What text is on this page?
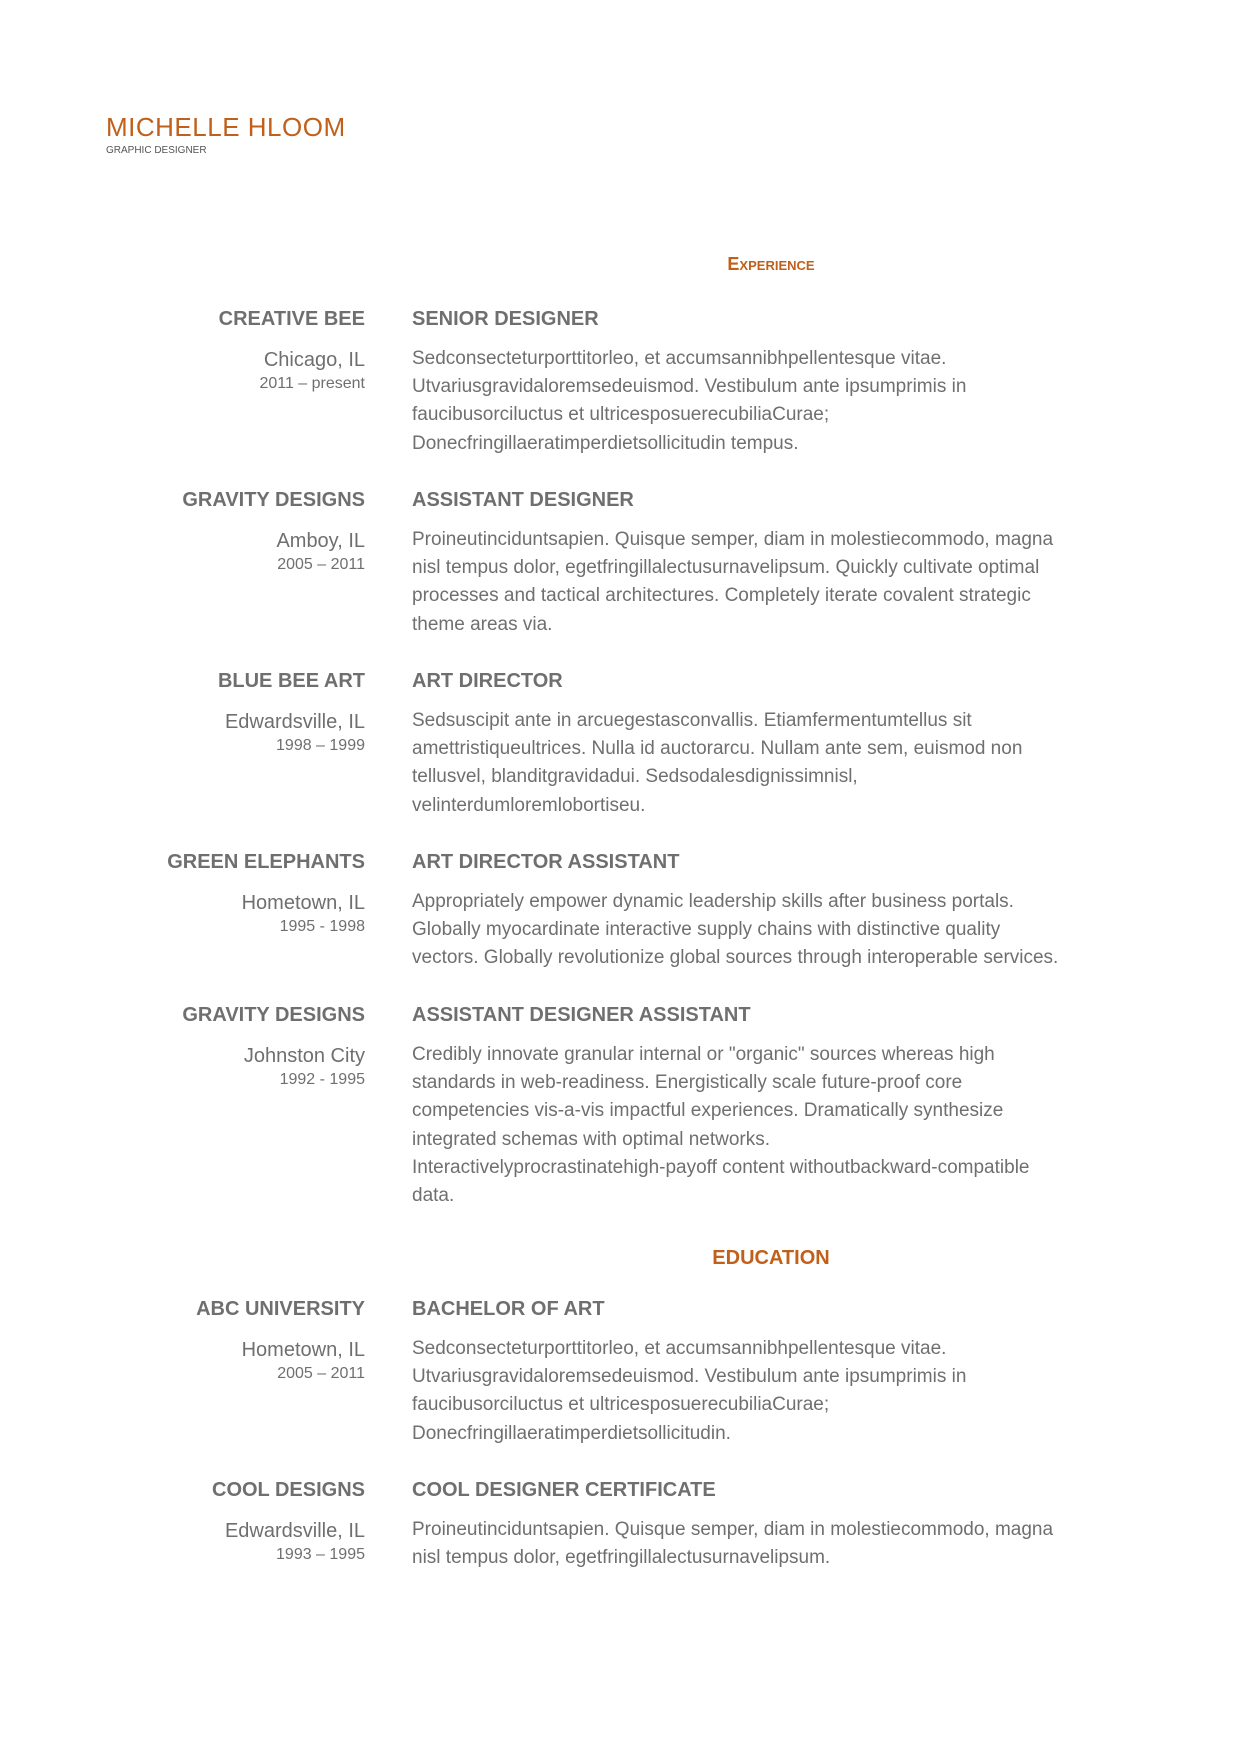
MICHELLE HLOOM
GRAPHIC DESIGNER
Experience
CREATIVE BEE
Chicago, IL
2011 – present
SENIOR DESIGNER
Sedconsecteturporttitorleo, et accumsannibhpellentesque vitae.
Utvariusgravidaloremsedeuismod. Vestibulum ante ipsumprimis in
faucibusorciluctus et ultricesposuerecubiliaCurae;
Donecfringillaeratimperdietsollicitudin tempus.
GRAVITY DESIGNS
Amboy, IL
2005 – 2011
ASSISTANT DESIGNER
Proineutinciduntsapien. Quisque semper, diam in molestiecommodo, magna
nisl tempus dolor, egetfringillalectusurnavelipsum. Quickly cultivate optimal
processes and tactical architectures. Completely iterate covalent strategic
theme areas via.
BLUE BEE ART
Edwardsville, IL
1998 – 1999
ART DIRECTOR
Sedsuscipit ante in arcuegestasconvallis. Etiamfermentumtellus sit
amettristiqueultrices. Nulla id auctorarcu. Nullam ante sem, euismod non
tellusvel, blanditgravidadui. Sedsodalesdignissimnisl,
velinterdumloremlobortiseu.
GREEN ELEPHANTS
Hometown, IL
1995 - 1998
ART DIRECTOR ASSISTANT
Appropriately empower dynamic leadership skills after business portals.
Globally myocardinate interactive supply chains with distinctive quality
vectors. Globally revolutionize global sources through interoperable services.
GRAVITY DESIGNS
Johnston City
1992 - 1995
ASSISTANT DESIGNER ASSISTANT
Credibly innovate granular internal or "organic" sources whereas high
standards in web-readiness. Energistically scale future-proof core
competencies vis-a-vis impactful experiences. Dramatically synthesize
integrated schemas with optimal networks.
Interactivelyprocrastinatehigh-payoff content withoutbackward-compatible
data.
EDUCATION
ABC UNIVERSITY
Hometown, IL
2005 – 2011
BACHELOR OF ART
Sedconsecteturporttitorleo, et accumsannibhpellentesque vitae.
Utvariusgravidaloremsedeuismod. Vestibulum ante ipsumprimis in
faucibusorciluctus et ultricesposuerecubiliaCurae;
Donecfringillaeratimperdietsollicitudin.
COOL DESIGNS
Edwardsville, IL
1993 – 1995
COOL DESIGNER CERTIFICATE
Proineutinciduntsapien. Quisque semper, diam in molestiecommodo, magna
nisl tempus dolor, egetfringillalectusurnavelipsum.
